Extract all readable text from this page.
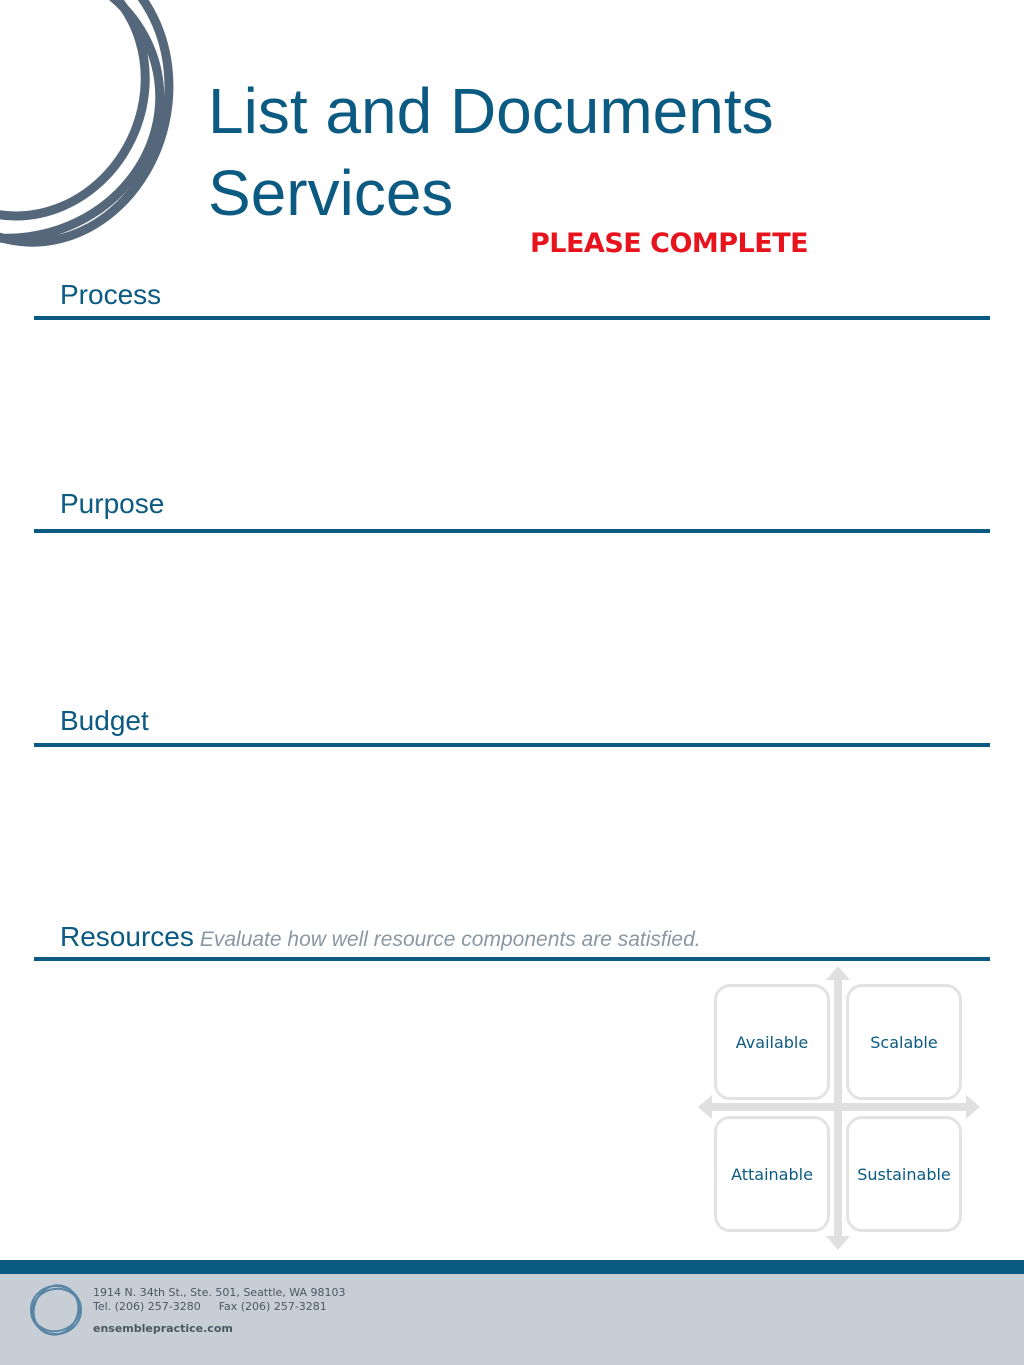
List and Documents
Services
PLEASE COMPLETE
Process
Purpose
Budget
Resources Evaluate how well resource components are satisfied.
Available	Scalable
Attainable	Sustainable
1914 N. 34th St., Ste. 501, Seattle, WA 98103
Tel. (206) 257-3280 Fax (206) 257-3281
ensemblepractice.com
